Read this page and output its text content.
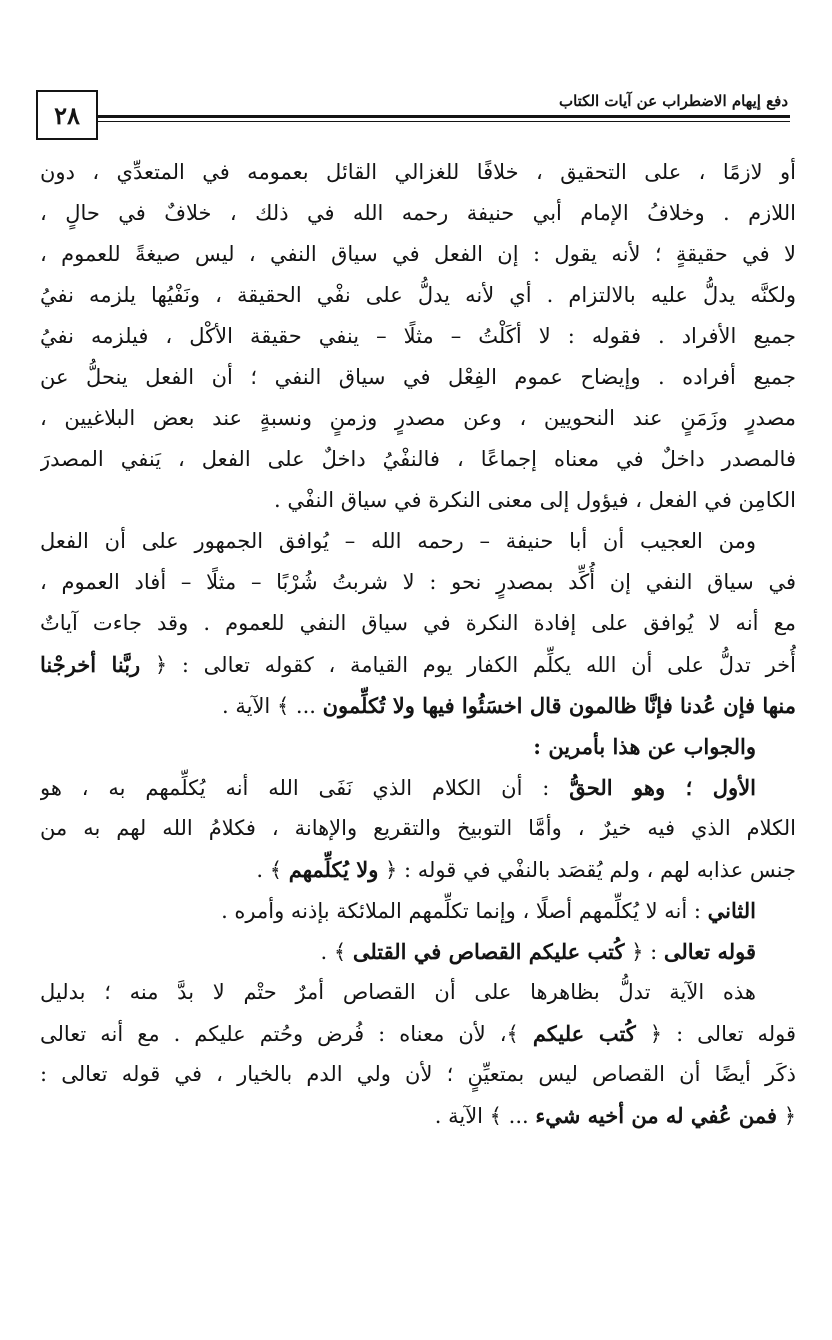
٢٨	دفع إيهام الاضطراب عن آيات الكتاب
أو لازمًا ، على التحقيق ، خلافًا للغزالي القائل بعمومه في المتعدِّي ، دون
اللازم . وخلافُ الإمام أبي حنيفة رحمه الله في ذلك ، خلافٌ في حالٍ ،
لا في حقيقةٍ ؛ لأنه يقول : إن الفعل في سياق النفي ، ليس صيغةً للعموم ،
ولكنَّه يدلُّ عليه بالالتزام . أي لأنه يدلُّ على نفْي الحقيقة ، ونَفْيُها يلزمه نفيُ
جميع الأفراد . فقوله : لا أكَلْتُ – مثلًا – ينفي حقيقة الأكْل ، فيلزمه نفيُ
جميع أفراده . وإيضاح عموم الفِعْل في سياق النفي ؛ أن الفعل ينحلُّ عن
مصدرٍ وزَمَنٍ عند النحويين ، وعن مصدرٍ وزمنٍ ونسبةٍ عند بعض البلاغيين ،
فالمصدر داخلٌ في معناه إجماعًا ، فالنفْيُ داخلٌ على الفعل ، يَنفي المصدرَ
الكامِن في الفعل ، فيؤول إلى معنى النكرة في سياق النفْي .
ومن العجيب أن أبا حنيفة – رحمه الله – يُوافق الجمهور على أن الفعل
في سياق النفي إن أُكِّد بمصدرٍ نحو : لا شربتُ شُرْبًا – مثلًا – أفاد العموم ،
مع أنه لا يُوافق على إفادة النكرة في سياق النفي للعموم . وقد جاءت آياتٌ
أُخر تدلُّ على أن الله يكلِّم الكفار يوم القيامة ، كقوله تعالى : ﴿ ربَّنا أخرجْنا
منها فإن عُدنا فإنَّا ظالمون قال اخسَئُوا فيها ولا تُكلِّمون ... ﴾ الآية .
والجواب عن هذا بأمرين :
الأول ؛ وهو الحقُّ : أن الكلام الذي نَفَى الله أنه يُكلِّمهم به ، هو
الكلام الذي فيه خيرٌ ، وأمَّا التوبيخ والتقريع والإهانة ، فكلامُ الله لهم به من
جنس عذابه لهم ، ولم يُقصَد بالنفْي في قوله : ﴿ ولا يُكلِّمهم ﴾ .
الثاني : أنه لا يُكلِّمهم أصلًا ، وإنما تكلِّمهم الملائكة بإذنه وأمره .
قوله تعالى : ﴿ كُتب عليكم القصاص في القتلى ﴾ .
هذه الآية تدلُّ بظاهرها على أن القصاص أمرٌ حتْم لا بدَّ منه ؛ بدليل
قوله تعالى : ﴿ كُتب عليكم ﴾، لأن معناه : فُرض وحُتم عليكم . مع أنه تعالى
ذكَر أيضًا أن القصاص ليس بمتعيِّنٍ ؛ لأن ولي الدم بالخيار ، في قوله تعالى :
﴿ فمن عُفي له من أخيه شيء ... ﴾ الآية .
